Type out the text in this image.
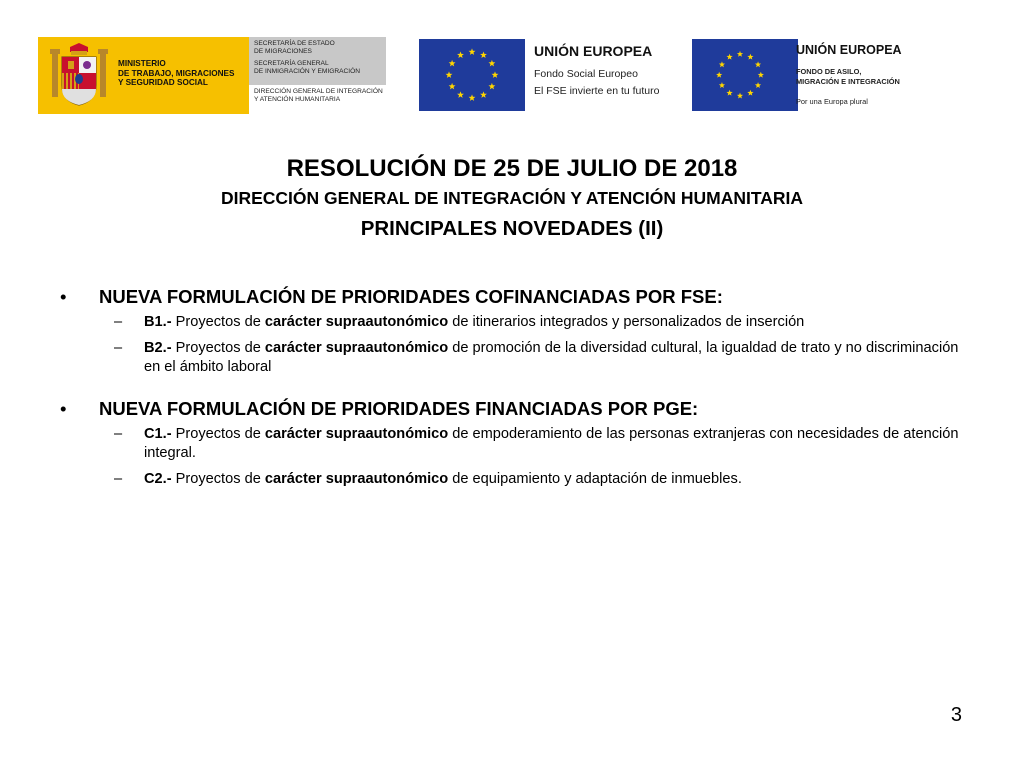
MINISTERIO
DE TRABAJO, MIGRACIONES
Y SEGURIDAD SOCIAL
SECRETARÍA DE ESTADO
DE MIGRACIONES
SECRETARÍA GENERAL
DE INMIGRACIÓN Y EMIGRACIÓN
DIRECCIÓN GENERAL DE INTEGRACIÓN
Y ATENCIÓN HUMANITARIA
UNIÓN EUROPEA
Fondo Social Europeo
El FSE invierte en tu futuro
UNIÓN EUROPEA
FONDO DE ASILO,
MIGRACIÓN E INTEGRACIÓN
Por una Europa plural
RESOLUCIÓN DE 25 DE JULIO DE 2018
DIRECCIÓN GENERAL DE INTEGRACIÓN Y ATENCIÓN HUMANITARIA
PRINCIPALES NOVEDADES (II)
• NUEVA FORMULACIÓN DE PRIORIDADES COFINANCIADAS POR FSE:
– B1.- Proyectos de carácter supraautonómico de itinerarios integrados y personalizados de inserción
– B2.- Proyectos de carácter supraautonómico de promoción de la diversidad cultural, la igualdad de trato y no discriminación en el ámbito laboral
• NUEVA FORMULACIÓN DE PRIORIDADES FINANCIADAS POR PGE:
– C1.- Proyectos de carácter supraautonómico de empoderamiento de las personas extranjeras con necesidades de atención integral.
– C2.- Proyectos de carácter supraautonómico de equipamiento y adaptación de inmuebles.
3
